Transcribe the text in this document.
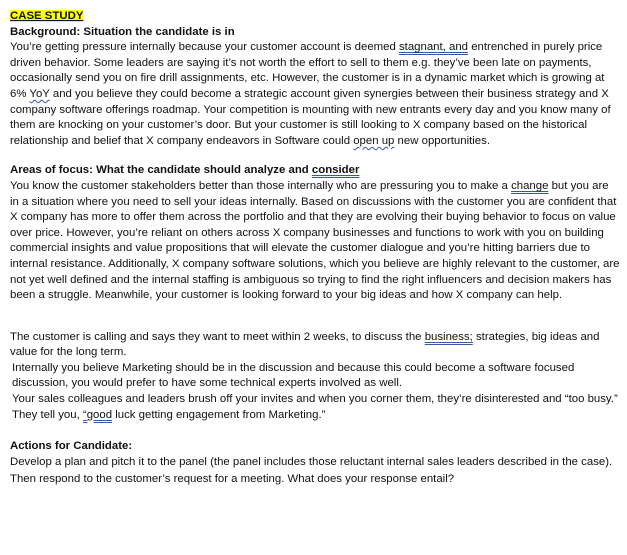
CASE STUDY

Background: Situation the candidate is in

You’re getting pressure internally because your customer account is deemed stagnant, and entrenched in purely price driven behavior. Some leaders are saying it’s not worth the effort to sell to them e.g. they’ve been late on payments, occasionally send you on fire drill assignments, etc. However, the customer is in a dynamic market which is growing at 6% YoY and you believe they could become a strategic account given synergies between their business strategy and X company software offerings roadmap. Your competition is mounting with new entrants every day and you know many of them are knocking on your customer’s door. But your customer is still looking to X company based on the historical relationship and belief that X company endeavors in Software could open up new opportunities.

Areas of focus: What the candidate should analyze and consider

You know the customer stakeholders better than those internally who are pressuring you to make a change but you are in a situation where you need to sell your ideas internally. Based on discussions with the customer you are confident that X company has more to offer them across the portfolio and that they are evolving their buying behavior to focus on value over price. However, you’re reliant on others across X company businesses and functions to work with you on building commercial insights and value propositions that will elevate the customer dialogue and you’re hitting barriers due to internal resistance. Additionally, X company software solutions, which you believe are highly relevant to the customer, are not yet well defined and the internal staffing is ambiguous so trying to find the right influencers and decision makers has been a struggle. Meanwhile, your customer is looking forward to your big ideas and how X company can help.

The customer is calling and says they want to meet within 2 weeks, to discuss the business; strategies, big ideas and value for the long term.

Internally you believe Marketing should be in the discussion and because this could become a software focused discussion, you would prefer to have some technical experts involved as well.

Your sales colleagues and leaders brush off your invites and when you corner them, they’re disinterested and “too busy.” They tell you, “good luck getting engagement from Marketing.”

Actions for Candidate:

Develop a plan and pitch it to the panel (the panel includes those reluctant internal sales leaders described in the case).

Then respond to the customer’s request for a meeting. What does your response entail?
